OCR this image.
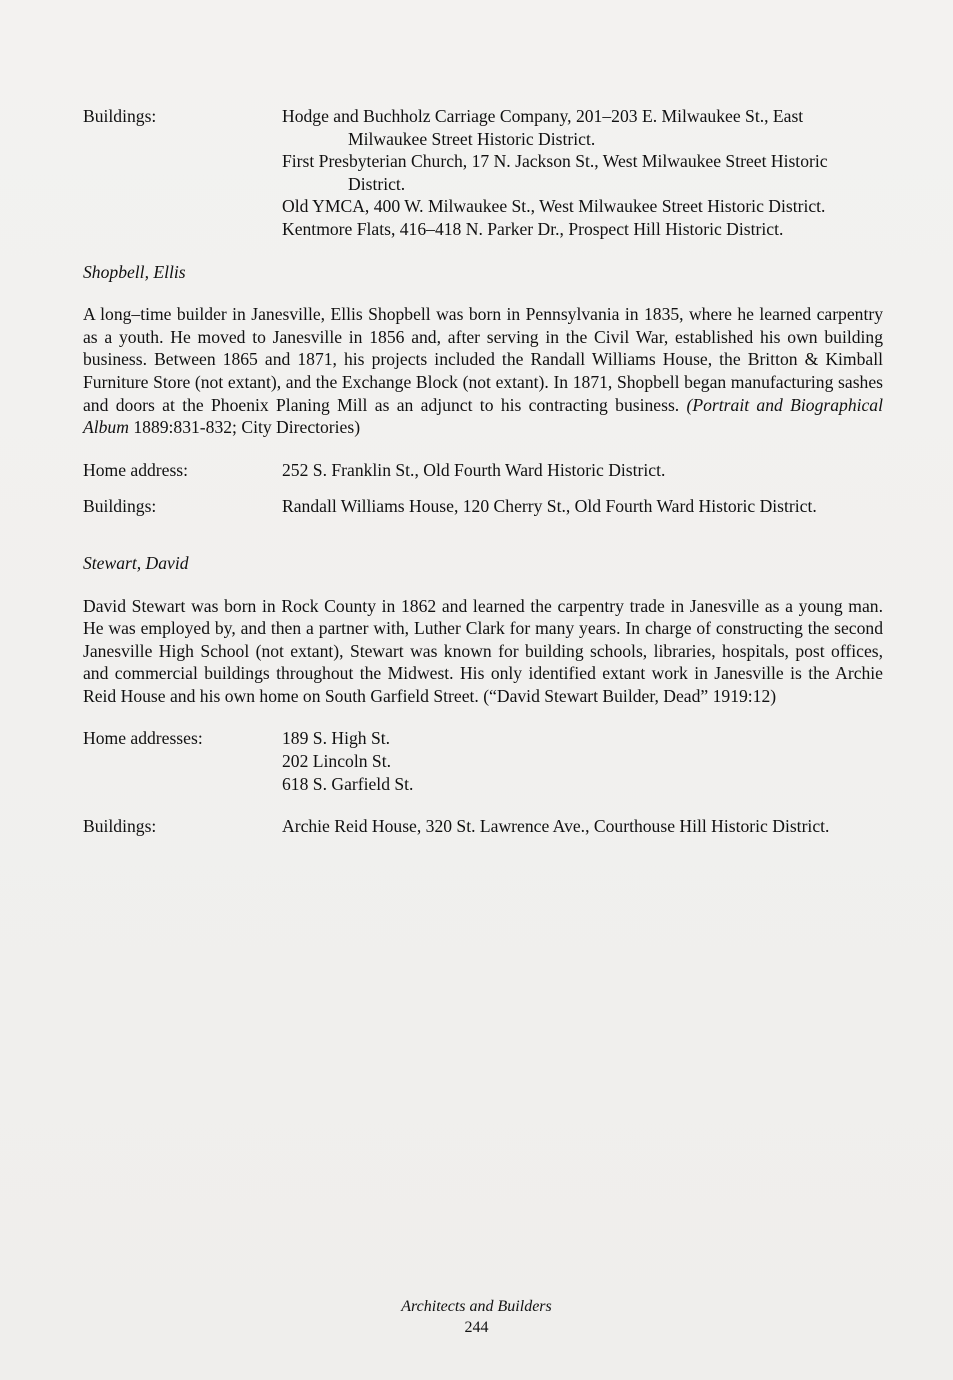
Buildings:	Hodge and Buchholz Carriage Company, 201–203 E. Milwaukee St., East Milwaukee Street Historic District.
First Presbyterian Church, 17 N. Jackson St., West Milwaukee Street Historic District.
Old YMCA, 400 W. Milwaukee St., West Milwaukee Street Historic District.
Kentmore Flats, 416–418 N. Parker Dr., Prospect Hill Historic District.
Shopbell, Ellis
A long–time builder in Janesville, Ellis Shopbell was born in Pennsylvania in 1835, where he learned carpentry as a youth. He moved to Janesville in 1856 and, after serving in the Civil War, established his own building business. Between 1865 and 1871, his projects included the Randall Williams House, the Britton & Kimball Furniture Store (not extant), and the Exchange Block (not extant). In 1871, Shopbell began manufacturing sashes and doors at the Phoenix Planing Mill as an adjunct to his contracting business. (Portrait and Biographical Album 1889:831-832; City Directories)
Home address:	252 S. Franklin St., Old Fourth Ward Historic District.
Buildings:	Randall Williams House, 120 Cherry St., Old Fourth Ward Historic District.
Stewart, David
David Stewart was born in Rock County in 1862 and learned the carpentry trade in Janesville as a young man. He was employed by, and then a partner with, Luther Clark for many years. In charge of constructing the second Janesville High School (not extant), Stewart was known for building schools, libraries, hospitals, post offices, and commercial buildings throughout the Midwest. His only identified extant work in Janesville is the Archie Reid House and his own home on South Garfield Street. (“David Stewart Builder, Dead” 1919:12)
Home addresses:	189 S. High St.
202 Lincoln St.
618 S. Garfield St.
Buildings:	Archie Reid House, 320 St. Lawrence Ave., Courthouse Hill Historic District.
Architects and Builders
244
